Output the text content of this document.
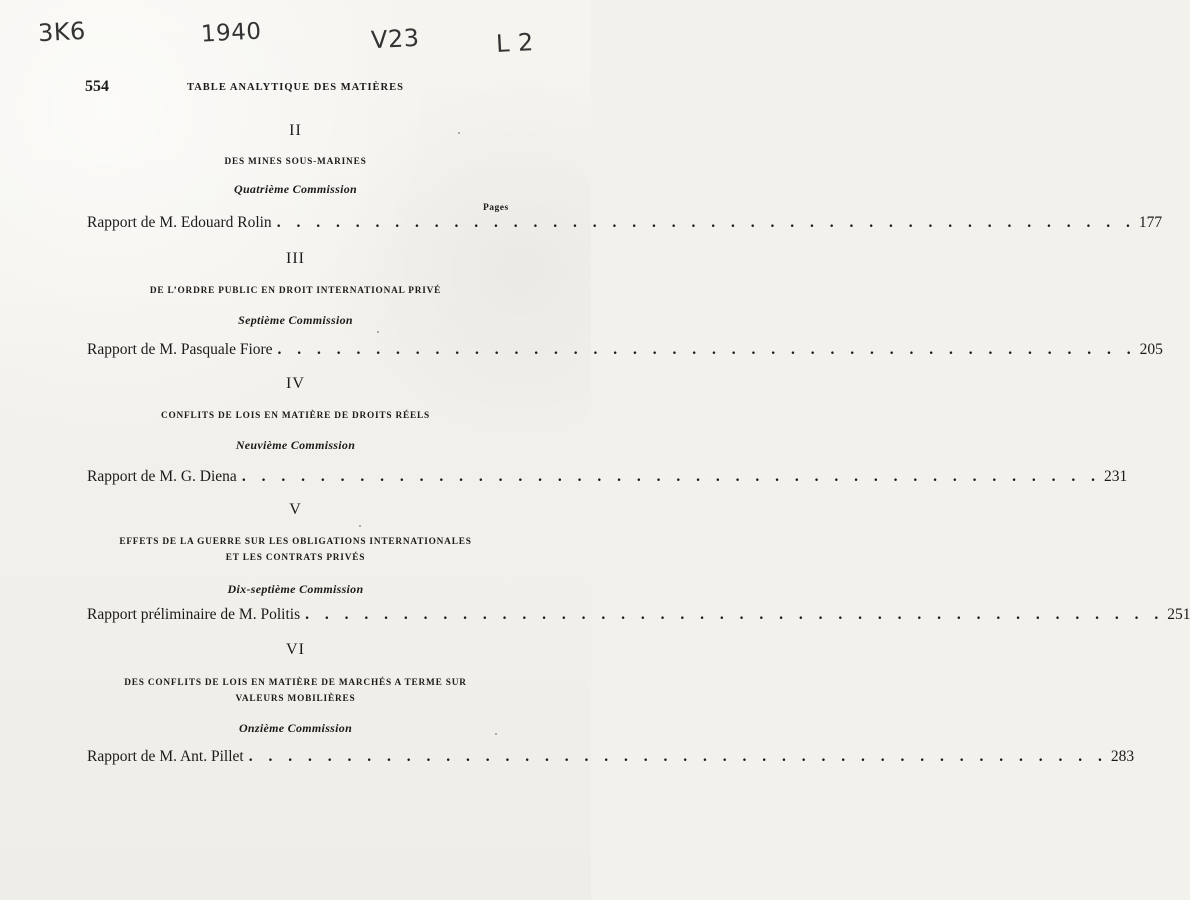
3K6	1940	V23	L 2
554	TABLE ANALYTIQUE DES MATIÈRES
II
DES MINES SOUS-MARINES
Quatrième Commission
Pages
Rapport de M. Edouard Rolin . . . . . . . . . . . . . . . . . . . . . . . . . . . . . . . . . . . . . . . . . . . . 177
III
DE L’ORDRE PUBLIC EN DROIT INTERNATIONAL PRIVÉ
Septième Commission
Rapport de M. Pasquale Fiore . . . . . . . . . . . . . . . . . . . . . . . . . . . . . . . . . . . . . . . . . . . . 205
IV
CONFLITS DE LOIS EN MATIÈRE DE DROITS RÉELS
Neuvième Commission
Rapport de M. G. Diena . . . . . . . . . . . . . . . . . . . . . . . . . . . . . . . . . . . . . . . . . . . . 231
V
EFFETS DE LA GUERRE SUR LES OBLIGATIONS INTERNATIONALES
ET LES CONTRATS PRIVÉS
Dix-septième Commission
Rapport préliminaire de M. Politis . . . . . . . . . . . . . . . . . . . . . . . . . . . . . . . . . . . . . . . . . . . . 251
VI
DES CONFLITS DE LOIS EN MATIÈRE DE MARCHÉS A TERME SUR
VALEURS MOBILIÈRES
Onzième Commission
Rapport de M. Ant. Pillet . . . . . . . . . . . . . . . . . . . . . . . . . . . . . . . . . . . . . . . . . . . . 283
